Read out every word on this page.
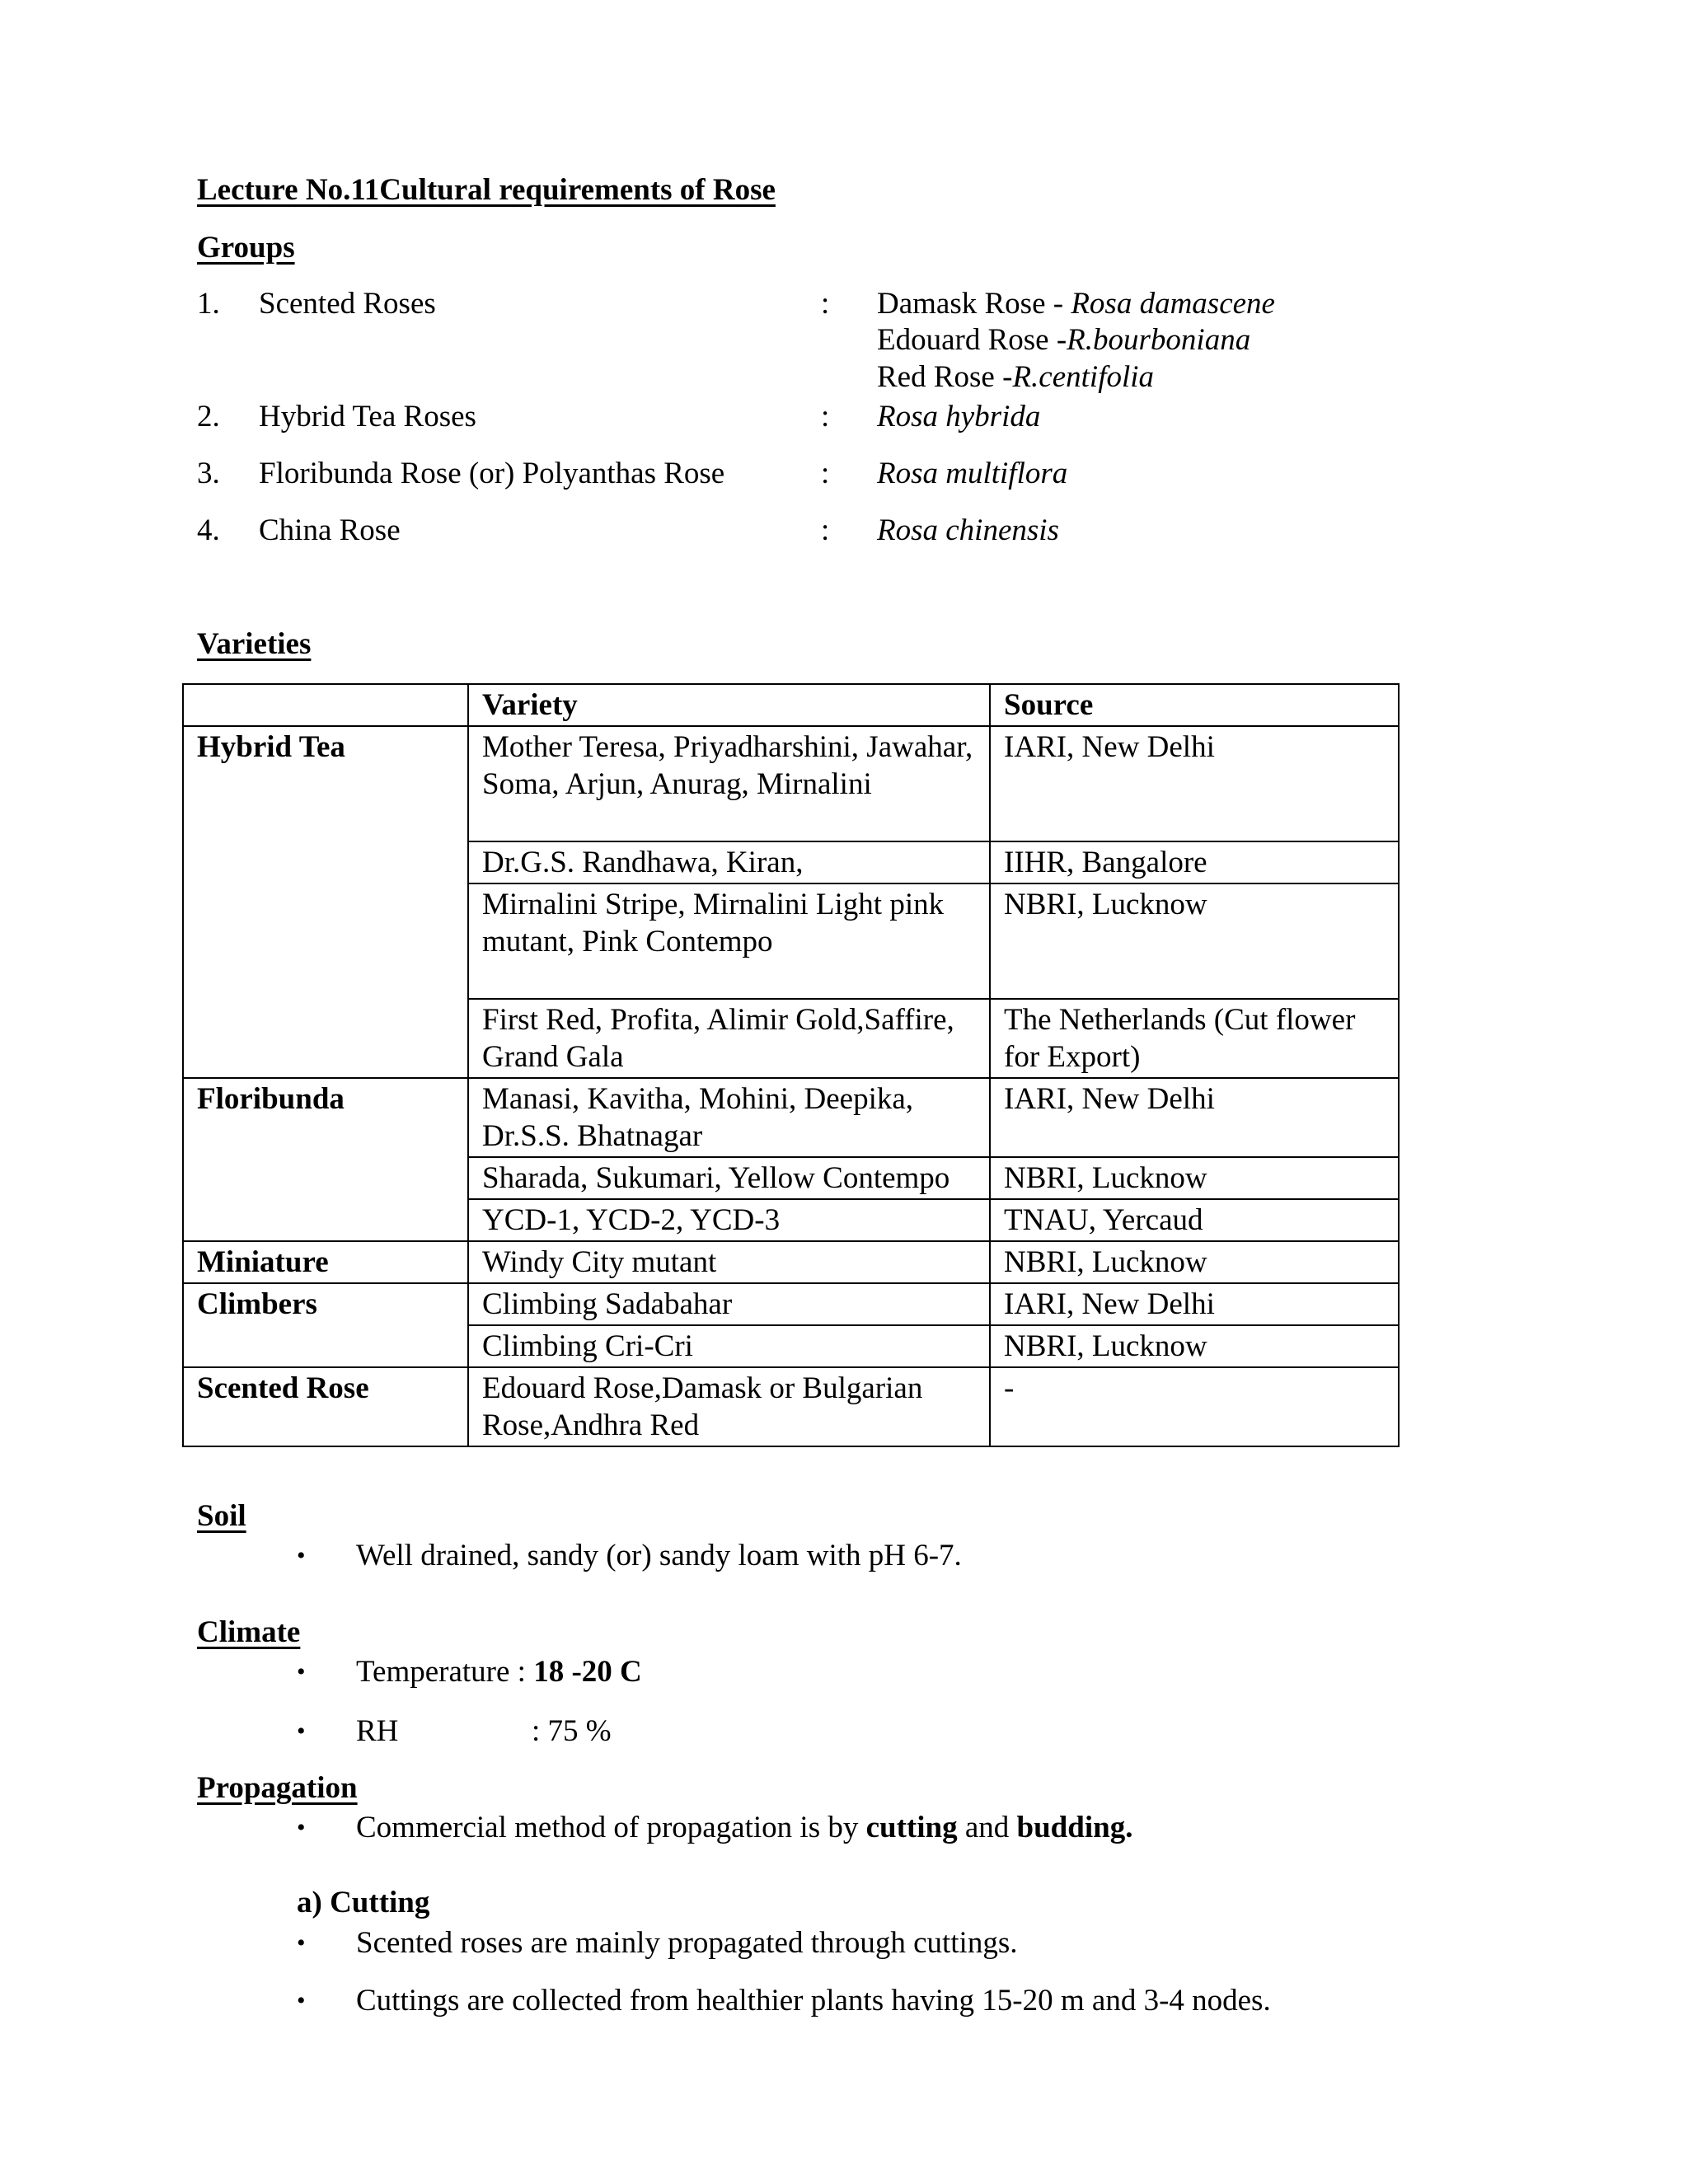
Lecture No.11Cultural requirements of Rose
Groups
1. Scented Roses	: Damask Rose - Rosa damascene
Edouard Rose -R.bourboniana
Red Rose -R.centifolia
2. Hybrid Tea Roses	: Rosa hybrida
3. Floribunda Rose (or) Polyanthas Rose	: Rosa multiflora
4. China Rose	: Rosa chinensis
Varieties
	Variety	Source
Hybrid Tea	Mother Teresa, Priyadharshini, Jawahar, Soma, Arjun, Anurag, Mirnalini	IARI, New Delhi
	Dr.G.S. Randhawa, Kiran,	IIHR, Bangalore
	Mirnalini Stripe, Mirnalini Light pink mutant, Pink Contempo	NBRI, Lucknow
	First Red, Profita, Alimir Gold,Saffire, Grand Gala	The Netherlands (Cut flower for Export)
Floribunda	Manasi, Kavitha, Mohini, Deepika, Dr.S.S. Bhatnagar	IARI, New Delhi
	Sharada, Sukumari, Yellow Contempo	NBRI, Lucknow
	YCD-1, YCD-2, YCD-3	TNAU, Yercaud
Miniature	Windy City mutant	NBRI, Lucknow
Climbers	Climbing Sadabahar	IARI, New Delhi
	Climbing Cri-Cri	NBRI, Lucknow
Scented Rose	Edouard Rose,Damask or Bulgarian Rose,Andhra Red	-
Soil
• Well drained, sandy (or) sandy loam with pH 6-7.
Climate
• Temperature : 18 -20 C
• RH	: 75 %
Propagation
• Commercial method of propagation is by cutting and budding.
a) Cutting
• Scented roses are mainly propagated through cuttings.
• Cuttings are collected from healthier plants having 15-20 m and 3-4 nodes.
